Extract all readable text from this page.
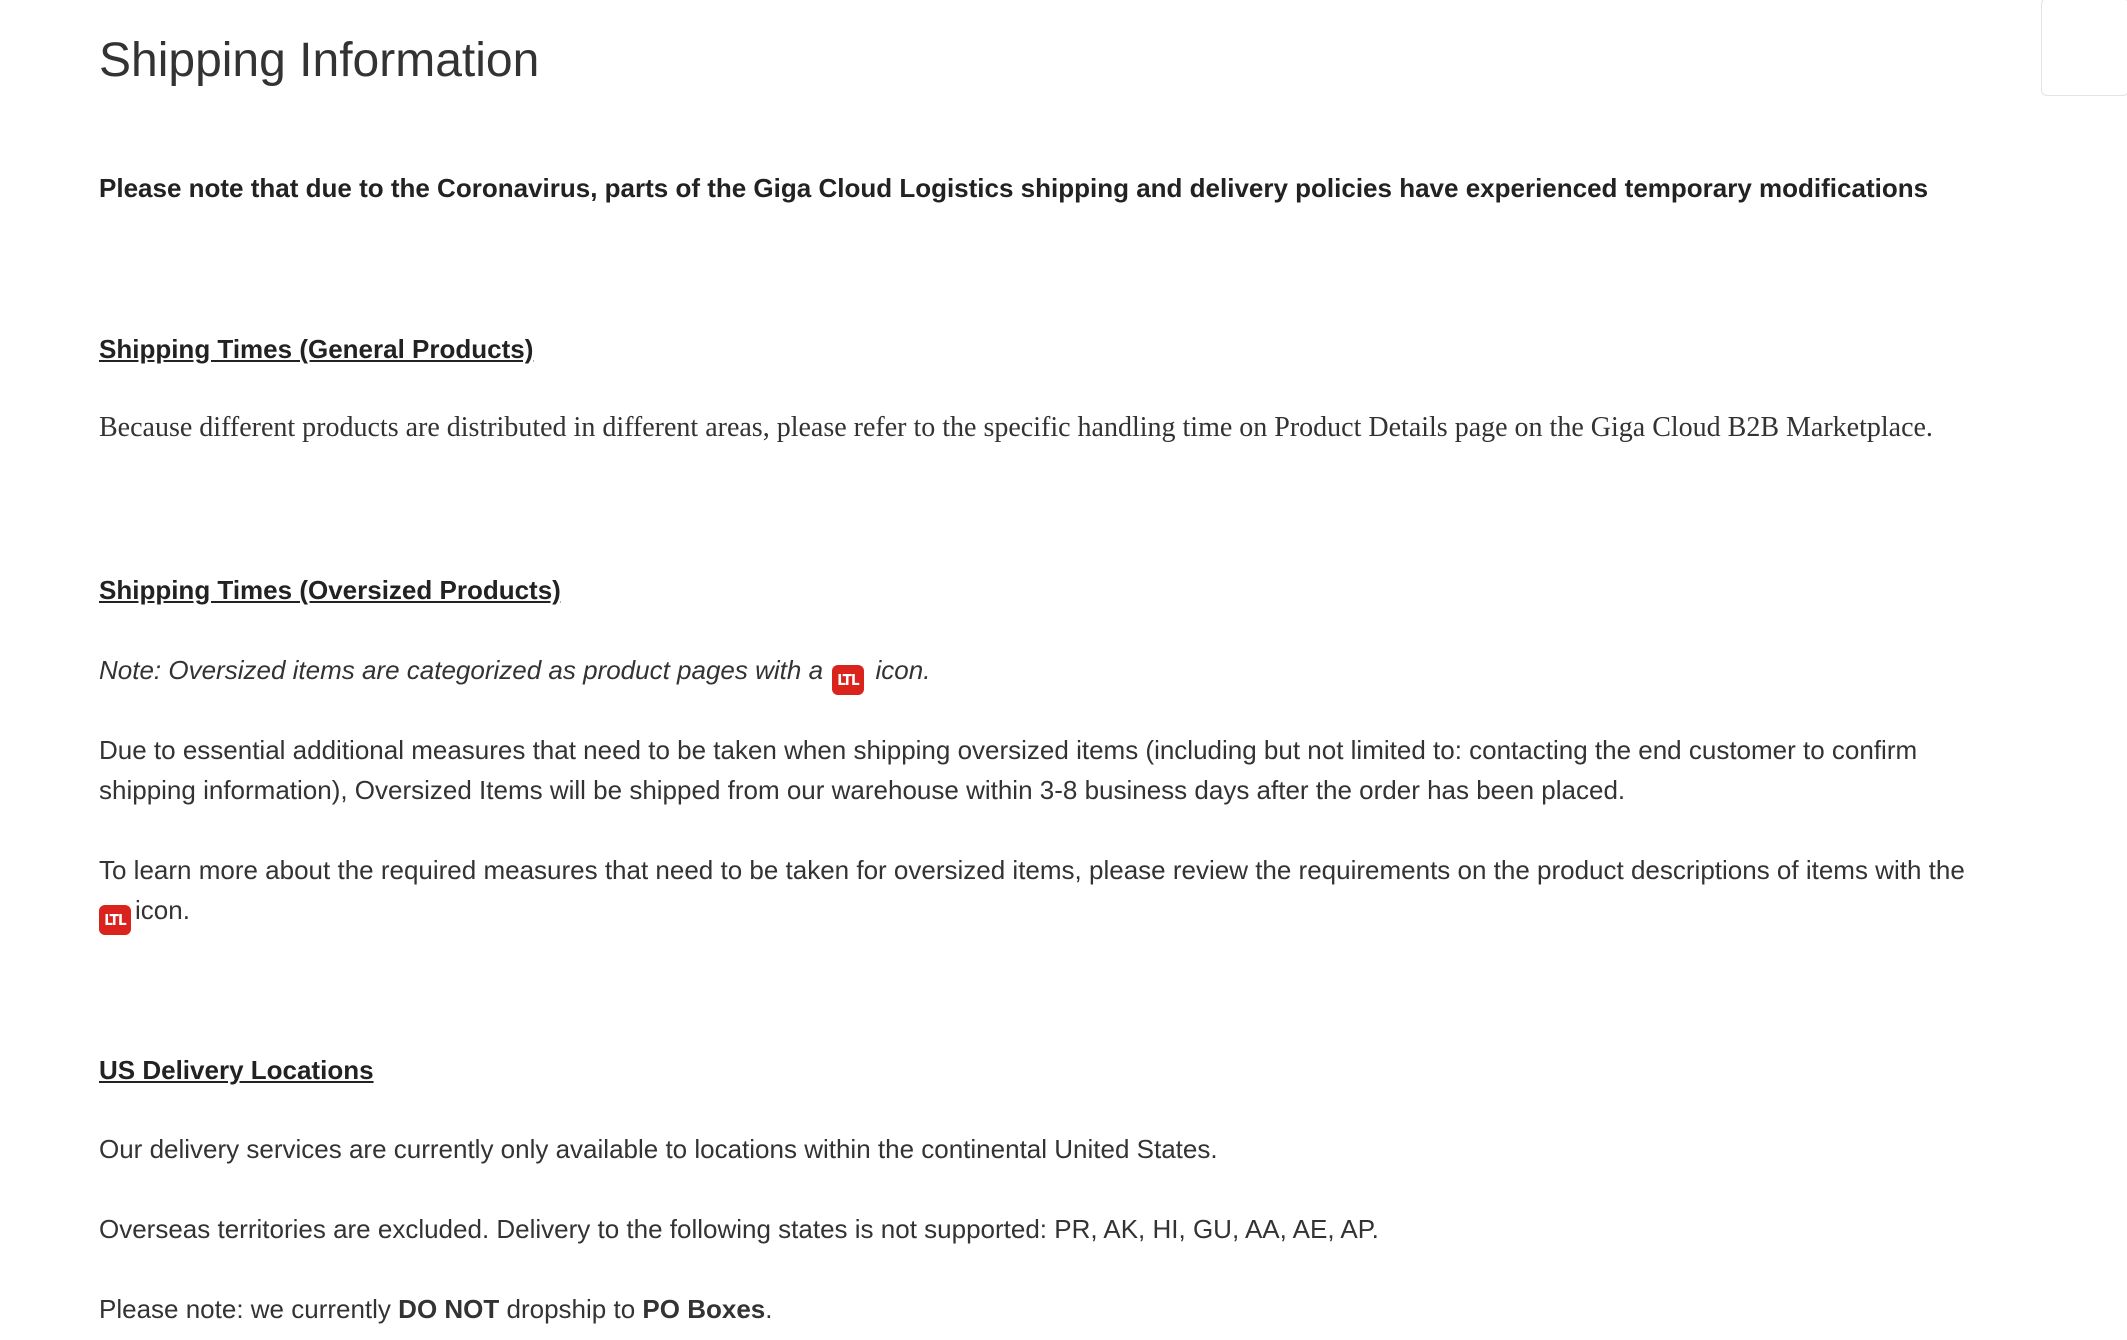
Shipping Information

Please note that due to the Coronavirus, parts of the Giga Cloud Logistics shipping and delivery policies have experienced temporary modifications

Shipping Times (General Products)

Because different products are distributed in different areas, please refer to the specific handling time on Product Details page on the Giga Cloud B2B Marketplace.

Shipping Times (Oversized Products)

Note: Oversized items are categorized as product pages with a LTL icon.

Due to essential additional measures that need to be taken when shipping oversized items (including but not limited to: contacting the end customer to confirm

shipping information), Oversized Items will be shipped from our warehouse within 3-8 business days after the order has been placed.

To learn more about the required measures that need to be taken for oversized items, please review the requirements on the product descriptions of items with the

LTL icon.

US Delivery Locations

Our delivery services are currently only available to locations within the continental United States.

Overseas territories are excluded. Delivery to the following states is not supported: PR, AK, HI, GU, AA, AE, AP.

Please note: we currently DO NOT dropship to PO Boxes.
